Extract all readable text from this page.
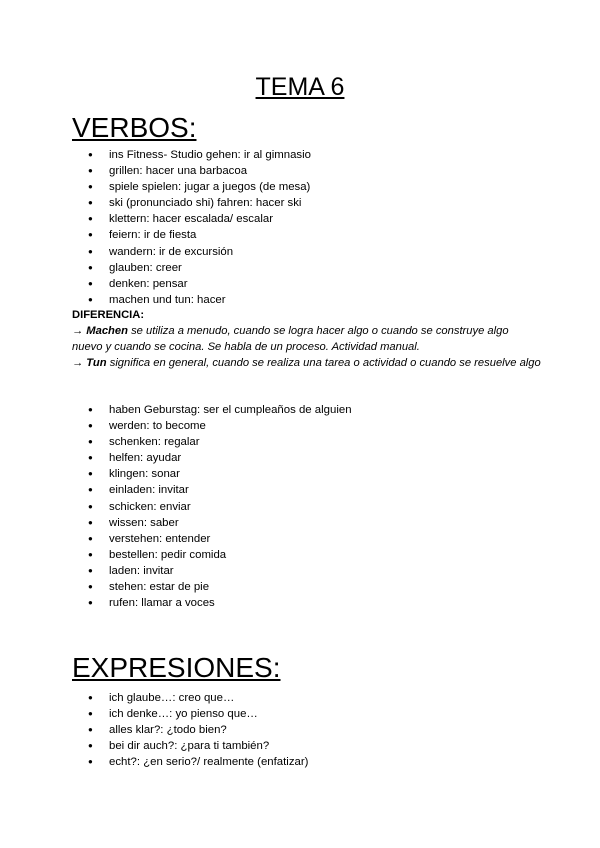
TEMA 6
VERBOS:
● ins Fitness- Studio gehen: ir al gimnasio
● grillen: hacer una barbacoa
● spiele spielen: jugar a juegos (de mesa)
● ski (pronunciado shi) fahren: hacer ski
● klettern: hacer escalada/ escalar
● feiern: ir de fiesta
● wandern: ir de excursión
● glauben: creer
● denken: pensar
● machen und tun: hacer
DIFERENCIA:
→ Machen se utiliza a menudo, cuando se logra hacer algo o cuando se construye algo nuevo y cuando se cocina. Se habla de un proceso. Actividad manual.
→ Tun significa en general, cuando se realiza una tarea o actividad o cuando se resuelve algo
● haben Geburstag: ser el cumpleaños de alguien
● werden: to become
● schenken: regalar
● helfen: ayudar
● klingen: sonar
● einladen: invitar
● schicken: enviar
● wissen: saber
● verstehen: entender
● bestellen: pedir comida
● laden: invitar
● stehen: estar de pie
● rufen: llamar a voces
EXPRESIONES:
● ich glaube…: creo que…
● ich denke…: yo pienso que…
● alles klar?: ¿todo bien?
● bei dir auch?: ¿para ti también?
● echt?: ¿en serio?/ realmente (enfatizar)
